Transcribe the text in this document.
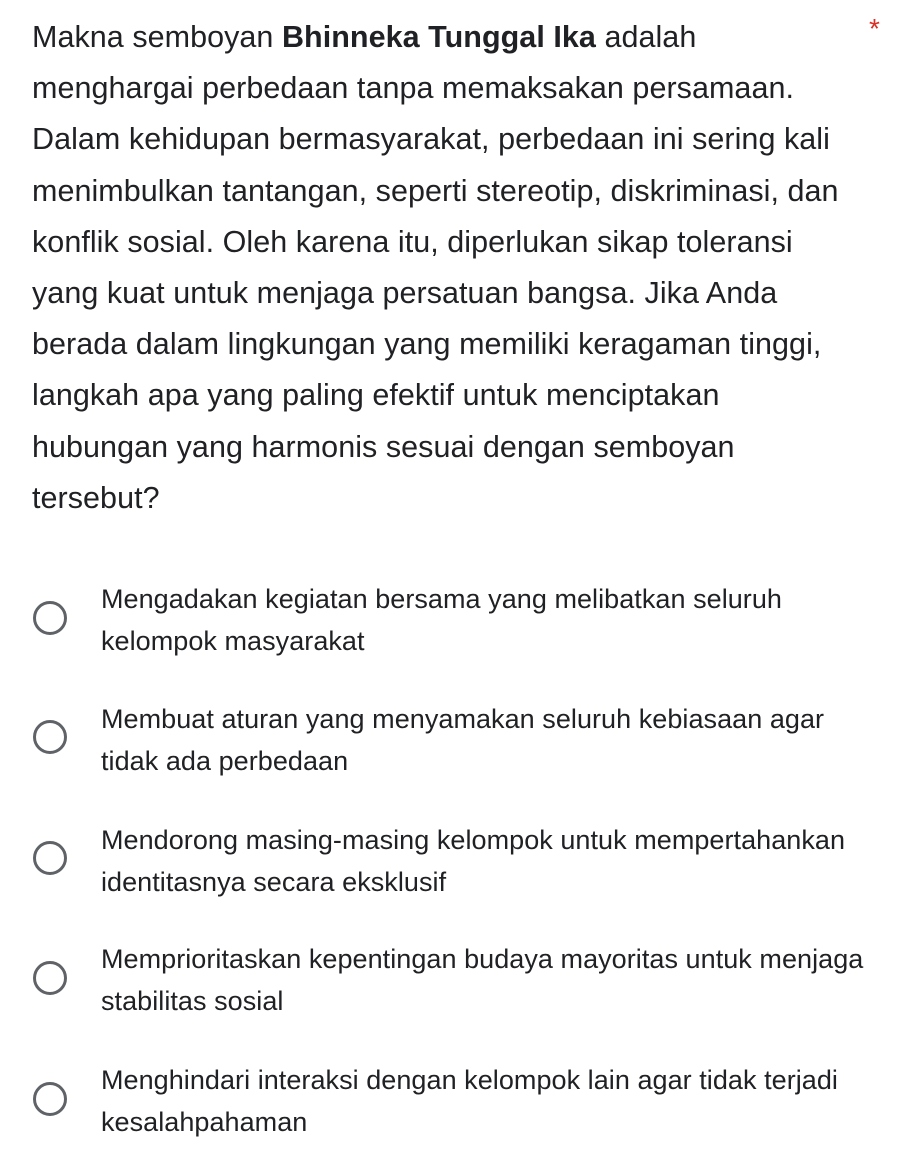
Makna semboyan Bhinneka Tunggal Ika adalah menghargai perbedaan tanpa memaksakan persamaan. Dalam kehidupan bermasyarakat, perbedaan ini sering kali menimbulkan tantangan, seperti stereotip, diskriminasi, dan konflik sosial. Oleh karena itu, diperlukan sikap toleransi yang kuat untuk menjaga persatuan bangsa. Jika Anda berada dalam lingkungan yang memiliki keragaman tinggi, langkah apa yang paling efektif untuk menciptakan hubungan yang harmonis sesuai dengan semboyan tersebut?
*
Mengadakan kegiatan bersama yang melibatkan seluruh kelompok masyarakat
Membuat aturan yang menyamakan seluruh kebiasaan agar tidak ada perbedaan
Mendorong masing-masing kelompok untuk mempertahankan identitasnya secara eksklusif
Memprioritaskan kepentingan budaya mayoritas untuk menjaga stabilitas sosial
Menghindari interaksi dengan kelompok lain agar tidak terjadi kesalahpahaman
